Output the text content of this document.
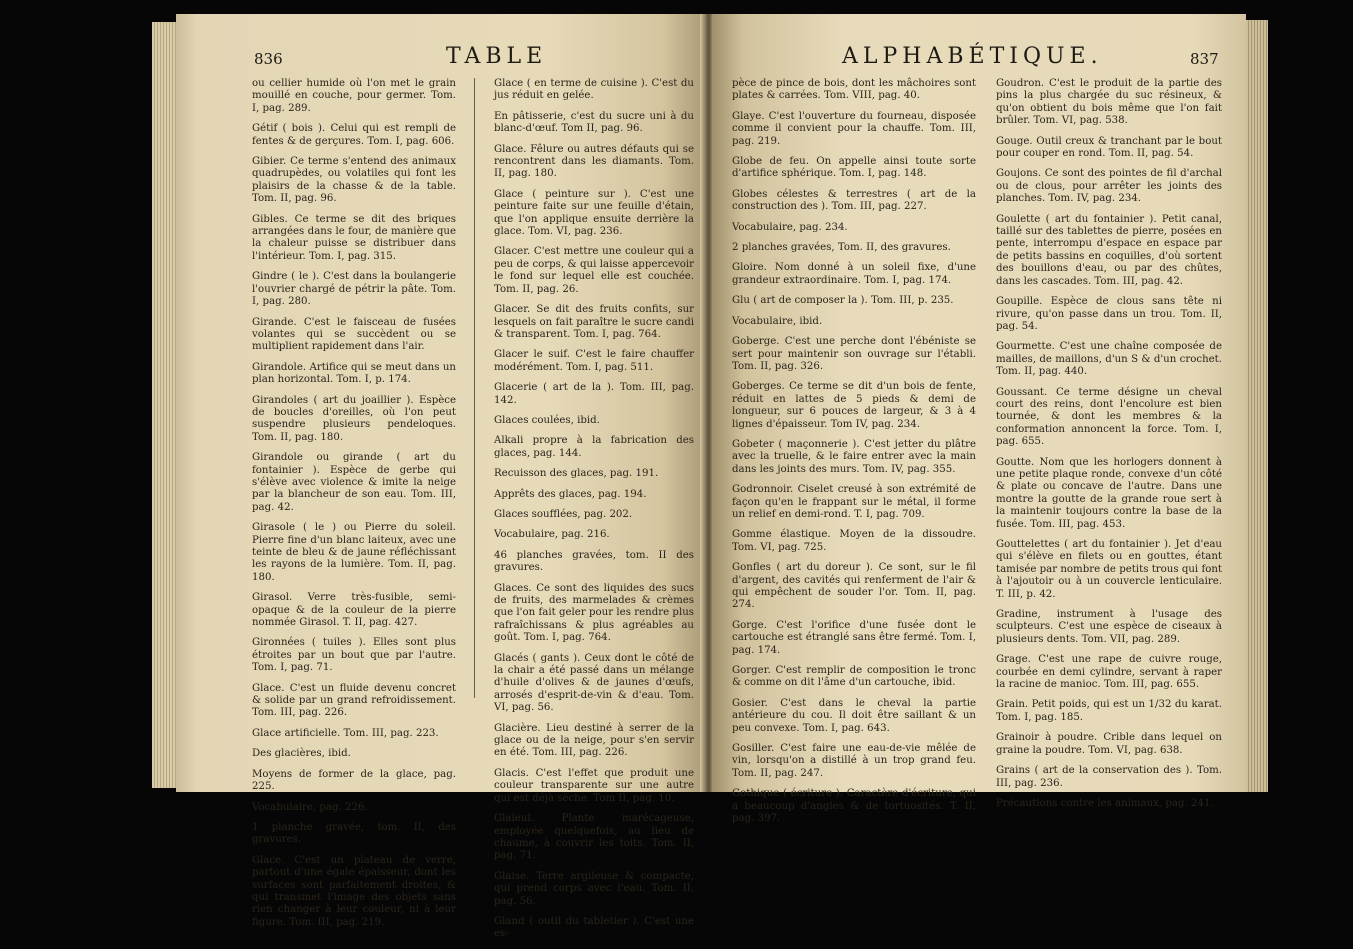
836	TABLE

ou cellier humide où l'on met le grain mouillé en couche, pour germer. Tom. I, pag. 289.

Gétif ( bois ). Celui qui est rempli de fentes & de gerçures. Tom. I, pag. 606.

Gibier. Ce terme s'entend des animaux quadrupèdes, ou volatiles qui font les plaisirs de la chasse & de la table. Tom. II, pag. 96.

Gibles. Ce terme se dit des briques arrangées dans le four, de manière que la chaleur puisse se distribuer dans l'intérieur. Tom. I, pag. 315.

Gindre ( le ). C'est dans la boulangerie l'ouvrier chargé de pétrir la pâte. Tom. I, pag. 280.

Girande. C'est le faisceau de fusées volantes qui se succèdent ou se multiplient rapidement dans l'air.

Girandole. Artifice qui se meut dans un plan horizontal. Tom. I, p. 174.

Girandoles ( art du joaillier ). Espèce de boucles d'oreilles, où l'on peut suspendre plusieurs pendeloques. Tom. II, pag. 180.

Girandole ou girande ( art du fontainier ). Espèce de gerbe qui s'élève avec violence & imite la neige par la blancheur de son eau. Tom. III, pag. 42.

Girasole ( le ) ou Pierre du soleil. Pierre fine d'un blanc laiteux, avec une teinte de bleu & de jaune réfléchissant les rayons de la lumière. Tom. II, pag. 180.

Girasol. Verre très-fusible, semi-opaque & de la couleur de la pierre nommée Girasol. T. II, pag. 427.

Gironnées ( tuiles ). Elles sont plus étroites par un bout que par l'autre. Tom. I, pag. 71.

Glace. C'est un fluide devenu concret & solide par un grand refroidissement. Tom. III, pag. 226.

Glace artificielle. Tom. III, pag. 223.

Des glacières, ibid.

Moyens de former de la glace, pag. 225.

Vocabulaire, pag. 226.

1 planche gravée, tom. II, des gravures.

Glace. C'est un plateau de verre, partout d'une égale épaisseur, dont les surfaces sont parfaitement droites, & qui transmet l'image des objets sans rien changer à leur couleur, ni à leur figure. Tom. III, pag. 219.

Glace ( en terme de cuisine ). C'est du jus réduit en gelée.

En pâtisserie, c'est du sucre uni à du blanc-d'œuf. Tom II, pag. 96.

Glace. Fêlure ou autres défauts qui se rencontrent dans les diamants. Tom. II, pag. 180.

Glace ( peinture sur ). C'est une peinture faite sur une feuille d'étain, que l'on applique ensuite derrière la glace. Tom. VI, pag. 236.

Glacer. C'est mettre une couleur qui a peu de corps, & qui laisse appercevoir le fond sur lequel elle est couchée. Tom. II, pag. 26.

Glacer. Se dit des fruits confits, sur lesquels on fait paraître le sucre candi & transparent. Tom. I, pag. 764.

Glacer le suif. C'est le faire chauffer modérément. Tom. I, pag. 511.

Glacerie ( art de la ). Tom. III, pag. 142.

Glaces coulées, ibid.

Alkali propre à la fabrication des glaces, pag. 144.

Recuisson des glaces, pag. 191.

Apprêts des glaces, pag. 194.

Glaces soufflées, pag. 202.

Vocabulaire, pag. 216.

46 planches gravées, tom. II des gravures.

Glaces. Ce sont des liquides des sucs de fruits, des marmelades & crèmes que l'on fait geler pour les rendre plus rafraîchissans & plus agréables au goût. Tom. I, pag. 764.

Glacés ( gants ). Ceux dont le côté de la chair a été passé dans un mélange d'huile d'olives & de jaunes d'œufs, arrosés d'esprit-de-vin & d'eau. Tom. VI, pag. 56.

Glacière. Lieu destiné à serrer de la glace ou de la neige, pour s'en servir en été. Tom. III, pag. 226.

Glacis. C'est l'effet que produit une couleur transparente sur une autre qui est déjà sèche. Tom II, pag. 10.

Glaïeul. Plante marécageuse, employée quelquefois, au lieu de chaume, à couvrir les toits. Tom. II, pag. 71.

Glaise. Terre argileuse & compacte, qui prend corps avec l'eau. Tom. II, pag. 56.

Gland ( outil du tabletier ). C'est une es-

ALPHABÉTIQUE.	837

pèce de pince de bois, dont les mâchoires sont plates & carrées. Tom. VIII, pag. 40.

Glaye. C'est l'ouverture du fourneau, disposée comme il convient pour la chauffe. Tom. III, pag. 219.

Globe de feu. On appelle ainsi toute sorte d'artifice sphérique. Tom. I, pag. 148.

Globes célestes & terrestres ( art de la construction des ). Tom. III, pag. 227.

Vocabulaire, pag. 234.

2 planches gravées, Tom. II, des gravures.

Gloire. Nom donné à un soleil fixe, d'une grandeur extraordinaire. Tom. I, pag. 174.

Glu ( art de composer la ). Tom. III, p. 235.

Vocabulaire, ibid.

Goberge. C'est une perche dont l'ébéniste se sert pour maintenir son ouvrage sur l'établi. Tom. II, pag. 326.

Goberges. Ce terme se dit d'un bois de fente, réduit en lattes de 5 pieds & demi de longueur, sur 6 pouces de largeur, & 3 à 4 lignes d'épaisseur. Tom IV, pag. 234.

Gobeter ( maçonnerie ). C'est jetter du plâtre avec la truelle, & le faire entrer avec la main dans les joints des murs. Tom. IV, pag. 355.

Godronnoir. Ciselet creusé à son extrémité de façon qu'en le frappant sur le métal, il forme un relief en demi-rond. T. I, pag. 709.

Gomme élastique. Moyen de la dissoudre. Tom. VI, pag. 725.

Gonfles ( art du doreur ). Ce sont, sur le fil d'argent, des cavités qui renferment de l'air & qui empêchent de souder l'or. Tom. II, pag. 274.

Gorge. C'est l'orifice d'une fusée dont le cartouche est étranglé sans être fermé. Tom. I, pag. 174.

Gorger. C'est remplir de composition le tronc & comme on dit l'âme d'un cartouche, ibid.

Gosier. C'est dans le cheval la partie antérieure du cou. Il doit être saillant & un peu convexe. Tom. I, pag. 643.

Gosiller. C'est faire une eau-de-vie mêlée de vin, lorsqu'on a distillé à un trop grand feu. Tom. II, pag. 247.

Gothique ( écriture ). Caractère d'écriture, qui a beaucoup d'angles & de tortuosités. T. II, pag. 397.

Goudron. C'est le produit de la partie des pins la plus chargée du suc résineux, & qu'on obtient du bois même que l'on fait brûler. Tom. VI, pag. 538.

Gouge. Outil creux & tranchant par le bout pour couper en rond. Tom. II, pag. 54.

Goujons. Ce sont des pointes de fil d'archal ou de clous, pour arrêter les joints des planches. Tom. IV, pag. 234.

Goulette ( art du fontainier ). Petit canal, taillé sur des tablettes de pierre, posées en pente, interrompu d'espace en espace par de petits bassins en coquilles, d'où sortent des bouillons d'eau, ou par des chûtes, dans les cascades. Tom. III, pag. 42.

Goupille. Espèce de clous sans tête ni rivure, qu'on passe dans un trou. Tom. II, pag. 54.

Gourmette. C'est une chaîne composée de mailles, de maillons, d'un S & d'un crochet. Tom. II, pag. 440.

Goussant. Ce terme désigne un cheval court des reins, dont l'encolure est bien tournée, & dont les membres & la conformation annoncent la force. Tom. I, pag. 655.

Goutte. Nom que les horlogers donnent à une petite plaque ronde, convexe d'un côté & plate ou concave de l'autre. Dans une montre la goutte de la grande roue sert à la maintenir toujours contre la base de la fusée. Tom. III, pag. 453.

Gouttelettes ( art du fontainier ). Jet d'eau qui s'élève en filets ou en gouttes, étant tamisée par nombre de petits trous qui font à l'ajoutoir ou à un couvercle lenticulaire. T. III, p. 42.

Gradine, instrument à l'usage des sculpteurs. C'est une espèce de ciseaux à plusieurs dents. Tom. VII, pag. 289.

Grage. C'est une rape de cuivre rouge, courbée en demi cylindre, servant à raper la racine de manioc. Tom. III, pag. 655.

Grain. Petit poids, qui est un 1/32 du karat. Tom. I, pag. 185.

Grainoir à poudre. Crible dans lequel on graine la poudre. Tom. VI, pag. 638.

Grains ( art de la conservation des ). Tom. III, pag. 236.

Précautions contre les animaux, pag. 241.
